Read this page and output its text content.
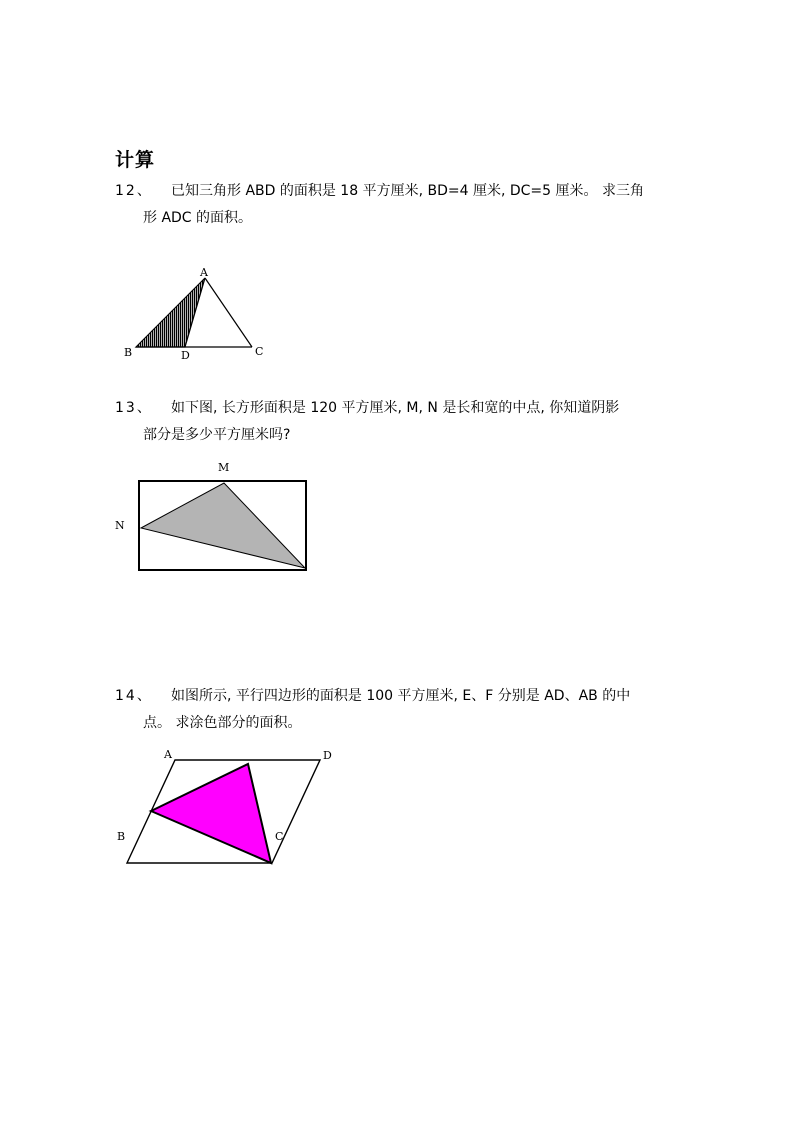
计算
12、 已知三角形 ABD 的面积是 18 平方厘米, BD=4 厘米, DC=5 厘米。 求三角
形 ADC 的面积。
A
B	D	C
13、 如下图, 长方形面积是 120 平方厘米, M, N 是长和宽的中点, 你知道阴影
部分是多少平方厘米吗?
M
N
14、 如图所示, 平行四边形的面积是 100 平方厘米, E、F 分别是 AD、AB 的中
点。 求涂色部分的面积。
A	D
B	C
